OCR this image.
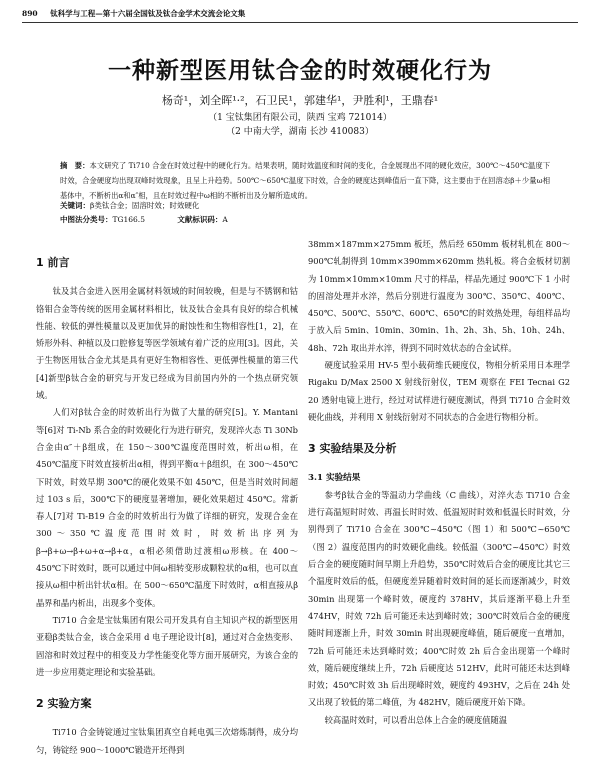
890 钛科学与工程—第十六届全国钛及钛合金学术交流会论文集
一种新型医用钛合金的时效硬化行为
杨奇¹，刘全晖¹·²，石卫民¹，郭建华¹，尹胜利¹，王鼎春¹
（1 宝钛集团有限公司，陕西 宝鸡 721014）
（2 中南大学，湖南 长沙 410083）
摘　要：本文研究了 Ti710 合金在时效过程中的硬化行为。结果表明，随时效温度和时间的变化，合金展现出不同的硬化效应，300℃～450℃温度下时效，合金硬度均出现双峰时效现象，且呈上升趋势。500℃～650℃温度下时效，合金的硬度达到峰值后一直下降，这主要由于在回溶态β＋少量ω相基体中，不断析出α和α″相，且在时效过程中ω相的不断析出及分解所造成的。
关键词：β类钛合金；固溶时效；时效硬化
中图法分类号：TG166.5	文献标识码：A
1 前言

钛及其合金进入医用金属材料领域的时间较晚，但是与不锈钢和钴铬钼合金等传统的医用金属材料相比，钛及钛合金具有良好的综合机械性能、较低的弹性模量以及更加优异的耐蚀性和生物相容性[1，2]，在矫形外科、种植以及口腔修复等医学领域有着广泛的应用[3]。因此，关于生物医用钛合金尤其是具有更好生物相容性、更低弹性模量的第三代[4]新型β钛合金的研究与开发已经成为目前国内外的一个热点研究领域。

人们对β钛合金的时效析出行为做了大量的研究[5]。Y. Mantani 等[6]对 Ti-Nb 系合金的时效硬化行为进行研究，发现淬火态 Ti 30Nb 合金由α″＋β组成，在 150～300℃温度范围时效，析出ω相，在 450℃温度下时效直接析出α相，得到平衡α＋β组织，在 300～450℃下时效，时效早期 300℃的硬化效果不如 450℃，但是当时效时间超过 103 s 后，300℃下的硬度显著增加，硬化效果超过 450℃。常新春人[7]对 Ti-B19 合金的时效析出行为做了详细的研究，发现合金在 300～350℃温度范围时效时，时效析出序列为β→β+ω→β+ω+α→β+α，α相必须借助过渡相ω形核。在 400～450℃下时效时，既可以通过中间ω相转变形成颗粒状的α相，也可以直接从ω相中析出针状α相。在 500～650℃温度下时效时，α相直接从β晶界和晶内析出，出现多个变体。

Ti710 合金是宝钛集团有限公司开发具有自主知识产权的新型医用亚稳β类钛合金，该合金采用 d 电子理论设计[8]，通过对合金热变形、固溶和时效过程中的相变及力学性能变化等方面开展研究，为该合金的进一步应用奠定理论和实验基础。

2 实验方案

Ti710 合金铸锭通过宝钛集团真空自耗电弧三次熔炼制得，成分均匀，铸锭经 900～1000℃锻造开坯得到

38mm×187mm×275mm 板坯，然后经 650mm 板材轧机在 800～900℃轧制得到 10mm×390mm×620mm 热轧板。将合金板材切割为 10mm×10mm×10mm 尺寸的样品，样品先通过 900℃下 1 小时的固溶处理并水淬，然后分别进行温度为 300℃、350℃、400℃、450℃、500℃、550℃、600℃、650℃的时效热处理，每组样品均于放入后 5min、10min、30min、1h、2h、3h、5h、10h、24h、48h、72h 取出并水淬，得到不同时效状态的合金试样。

硬度试验采用 HV-5 型小载荷维氏硬度仪，物相分析采用日本理学 Rigaku D/Max 2500 X 射线衍射仪，TEM 观察在 FEI Tecnai G2 20 透射电镜上进行，经过对试样进行硬度测试，得到 Ti710 合金时效硬化曲线，并利用 X 射线衍射对不同状态的合金进行物相分析。

3 实验结果及分析
3.1 实验结果

参考β钛合金的等温动力学曲线（C 曲线），对淬火态 Ti710 合金进行高温短时时效、再温长时时效、低温短时时效和低温长时时效，分别得到了 Ti710 合金在 300℃~450℃（图 1）和 500℃~650℃（图 2）温度范围内的时效硬化曲线。较低温（300℃~450℃）时效后合金的硬度随时间早期上升趋势，350℃时效后合金的硬度比其它三个温度时效后的低，但硬度差异随着时效时间的延长而逐渐减少，时效 30min 出现第一个峰时效，硬度约 378HV，其后逐渐平稳上升至 474HV，时效 72h 后可能还未达到峰时效；300℃时效后合金的硬度随时间逐渐上升，时效 30min 时出现硬度峰值，随后硬度一直增加，72h 后可能还未达到峰时效；400℃时效 2h 后合金出现第一个峰时效，随后硬度继续上升，72h 后硬度达 512HV，此时可能还未达到峰时效；450℃时效 3h 后出现峰时效，硬度约 493HV，之后在 24h 处又出现了较低的第二峰值，为 482HV，随后硬度开始下降。

较高温时效时，可以看出总体上合金的硬度值随温
